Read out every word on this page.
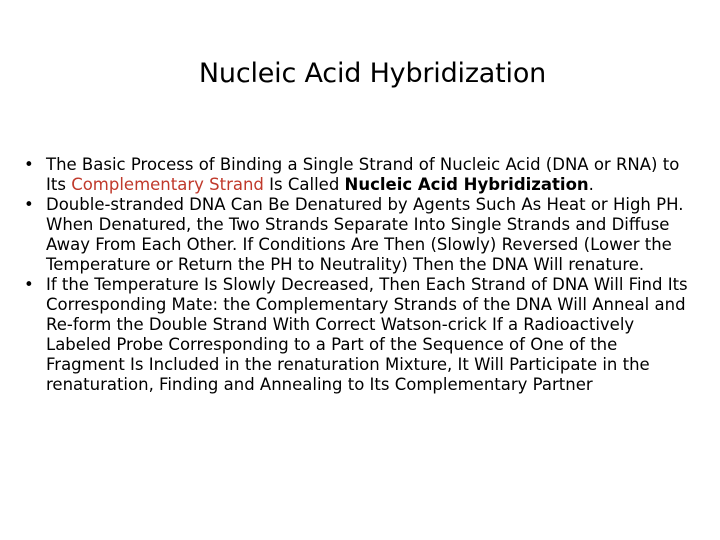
Nucleic Acid Hybridization
• The Basic Process of Binding a Single Strand of Nucleic Acid (DNA or RNA) to Its Complementary Strand Is Called Nucleic Acid Hybridization.
• Double-stranded DNA Can Be Denatured by Agents Such As Heat or High PH. When Denatured, the Two Strands Separate Into Single Strands and Diffuse Away From Each Other. If Conditions Are Then (Slowly) Reversed (Lower the Temperature or Return the PH to Neutrality) Then the DNA Will renature.
• If the Temperature Is Slowly Decreased, Then Each Strand of DNA Will Find Its Corresponding Mate: the Complementary Strands of the DNA Will Anneal and Re-form the Double Strand With Correct Watson-crick If a Radioactively Labeled Probe Corresponding to a Part of the Sequence of One of the Fragment Is Included in the renaturation Mixture, It Will Participate in the renaturation, Finding and Annealing to Its Complementary Partner
